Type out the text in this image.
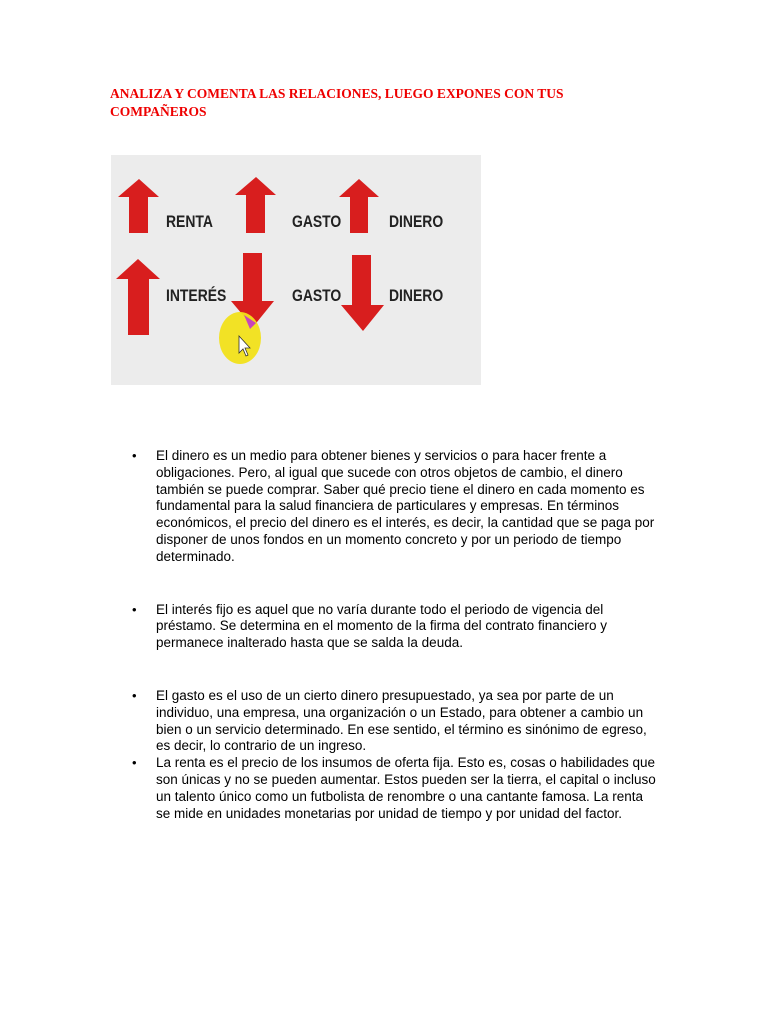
ANALIZA Y COMENTA LAS RELACIONES, LUEGO EXPONES CON TUS COMPAÑEROS
RENTA	GASTO	DINERO
INTERÉS	GASTO	DINERO
• El dinero es un medio para obtener bienes y servicios o para hacer frente a obligaciones. Pero, al igual que sucede con otros objetos de cambio, el dinero también se puede comprar. Saber qué precio tiene el dinero en cada momento es fundamental para la salud financiera de particulares y empresas. En términos económicos, el precio del dinero es el interés, es decir, la cantidad que se paga por disponer de unos fondos en un momento concreto y por un periodo de tiempo determinado.
• El interés fijo es aquel que no varía durante todo el periodo de vigencia del préstamo. Se determina en el momento de la firma del contrato financiero y permanece inalterado hasta que se salda la deuda.
• El gasto es el uso de un cierto dinero presupuestado, ya sea por parte de un individuo, una empresa, una organización o un Estado, para obtener a cambio un bien o un servicio determinado. En ese sentido, el término es sinónimo de egreso, es decir, lo contrario de un ingreso.
• La renta es el precio de los insumos de oferta fija. Esto es, cosas o habilidades que son únicas y no se pueden aumentar. Estos pueden ser la tierra, el capital o incluso un talento único como un futbolista de renombre o una cantante famosa. La renta se mide en unidades monetarias por unidad de tiempo y por unidad del factor.
